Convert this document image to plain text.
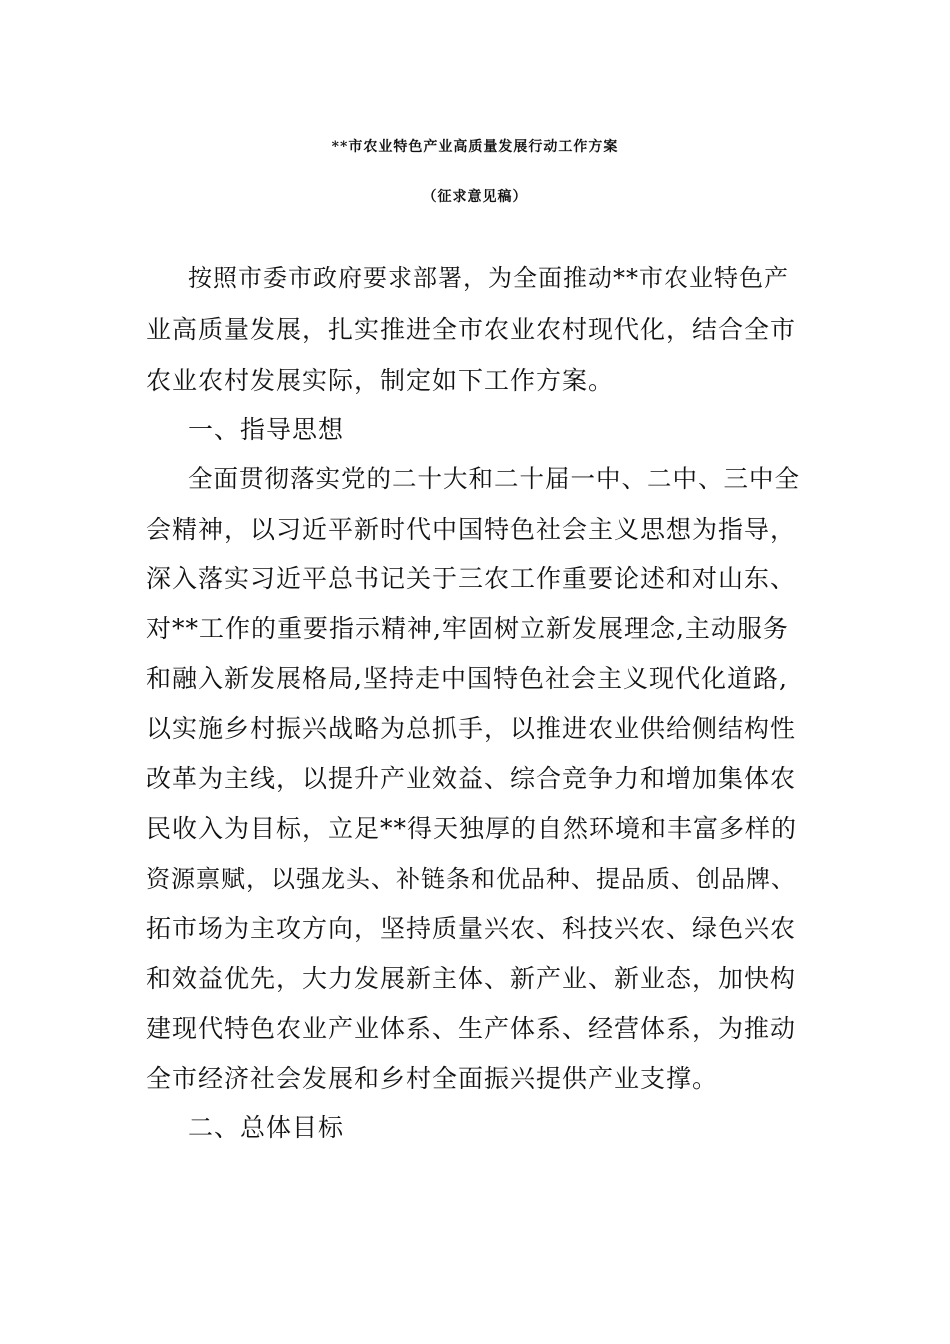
**市农业特色产业高质量发展行动工作方案
（征求意见稿）
按照市委市政府要求部署，为全面推动**市农业特色产
业高质量发展，扎实推进全市农业农村现代化，结合全市
农业农村发展实际，制定如下工作方案。
一、指导思想
全面贯彻落实党的二十大和二十届一中、二中、三中全
会精神，以习近平新时代中国特色社会主义思想为指导，
深入落实习近平总书记关于三农工作重要论述和对山东、
对**工作的重要指示精神,牢固树立新发展理念,主动服务
和融入新发展格局,坚持走中国特色社会主义现代化道路,
以实施乡村振兴战略为总抓手，以推进农业供给侧结构性
改革为主线，以提升产业效益、综合竞争力和增加集体农
民收入为目标，立足**得天独厚的自然环境和丰富多样的
资源禀赋，以强龙头、补链条和优品种、提品质、创品牌、
拓市场为主攻方向，坚持质量兴农、科技兴农、绿色兴农
和效益优先，大力发展新主体、新产业、新业态，加快构
建现代特色农业产业体系、生产体系、经营体系，为推动
全市经济社会发展和乡村全面振兴提供产业支撑。
二、总体目标
